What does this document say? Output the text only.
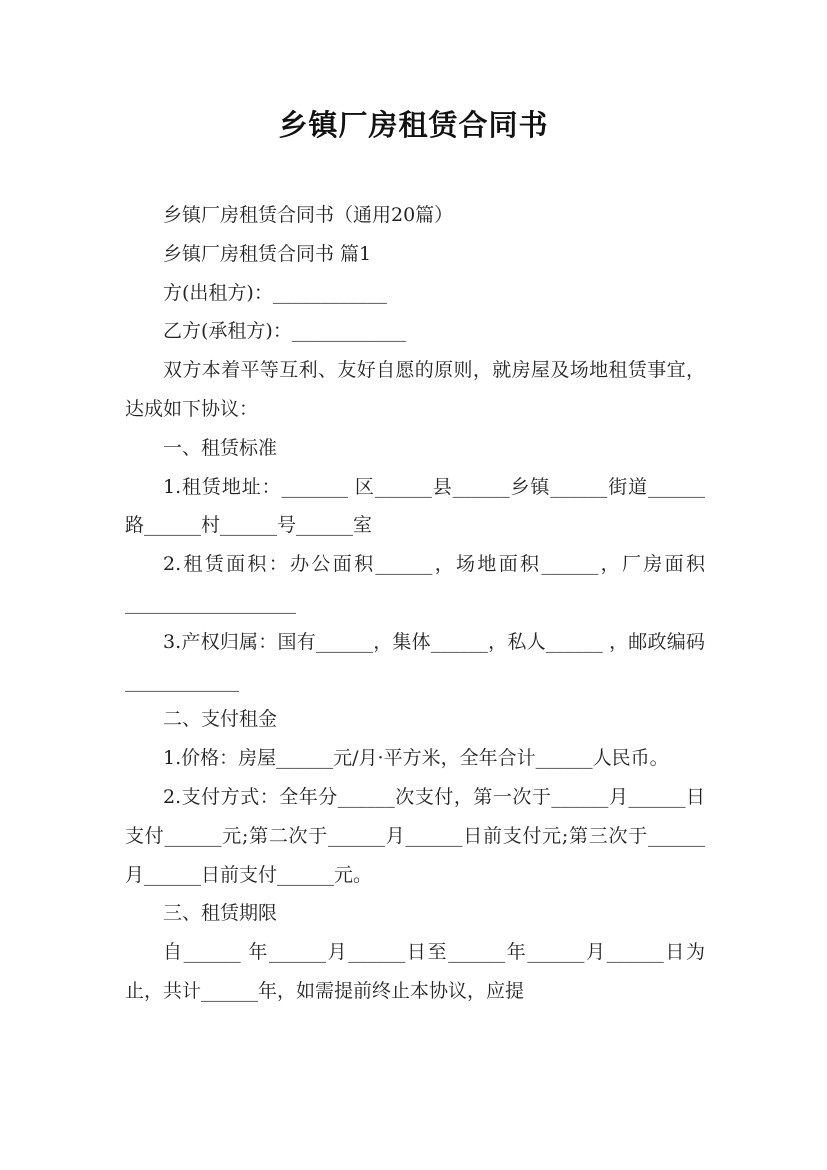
乡镇厂房租赁合同书

乡镇厂房租赁合同书（通用20篇）

乡镇厂房租赁合同书 篇1

方(出租方)：____________

乙方(承租方)：____________

双方本着平等互利、友好自愿的原则，就房屋及场地租赁事宜，达成如下协议：

一、租赁标准

1.租赁地址：_______ 区______县______乡镇______街道______路______村______号______室

2.租赁面积：办公面积______，场地面积______，厂房面积__________________

3.产权归属：国有______，集体______，私人______ ，邮政编码____________

二、支付租金

1.价格：房屋______元/月·平方米，全年合计______人民币。

2.支付方式：全年分______次支付，第一次于______月______日支付______元;第二次于______月______日前支付元;第三次于______月______日前支付______元。

三、租赁期限

自______ 年______月______日至______年______月______日为止，共计______年，如需提前终止本协议，应提
